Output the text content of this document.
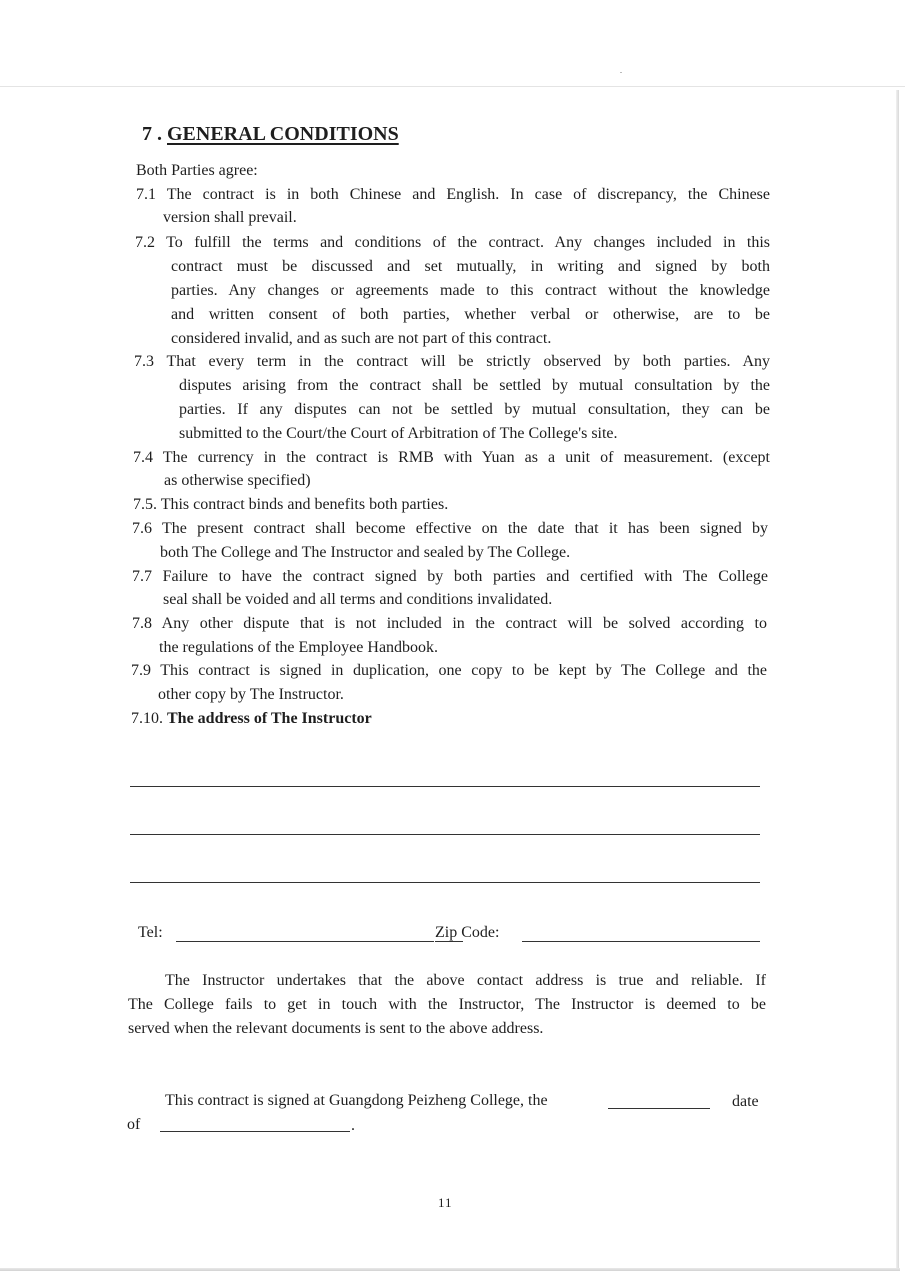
7 . GENERAL CONDITIONS
Both Parties agree:
7.1 The contract is in both Chinese and English. In case of discrepancy, the Chinese
version shall prevail.
7.2 To fulfill the terms and conditions of the contract. Any changes included in this
contract must be discussed and set mutually, in writing and signed by both
parties. Any changes or agreements made to this contract without the knowledge
and written consent of both parties, whether verbal or otherwise, are to be
considered invalid, and as such are not part of this contract.
7.3 That every term in the contract will be strictly observed by both parties. Any
disputes arising from the contract shall be settled by mutual consultation by the
parties. If any disputes can not be settled by mutual consultation, they can be
submitted to the Court/the Court of Arbitration of The College's site.
7.4 The currency in the contract is RMB with Yuan as a unit of measurement. (except
as otherwise specified)
7.5. This contract binds and benefits both parties.
7.6 The present contract shall become effective on the date that it has been signed by
both The College and The Instructor and sealed by The College.
7.7 Failure to have the contract signed by both parties and certified with The College
seal shall be voided and all terms and conditions invalidated.
7.8 Any other dispute that is not included in the contract will be solved according to
the regulations of the Employee Handbook.
7.9 This contract is signed in duplication, one copy to be kept by The College and the
other copy by The Instructor.
7.10. The address of The Instructor
Tel:	Zip Code:
The Instructor undertakes that the above contact address is true and reliable. If
The College fails to get in touch with the Instructor, The Instructor is deemed to be
served when the relevant documents is sent to the above address.
This contract is signed at Guangdong Peizheng College, the	date
of	.
11
